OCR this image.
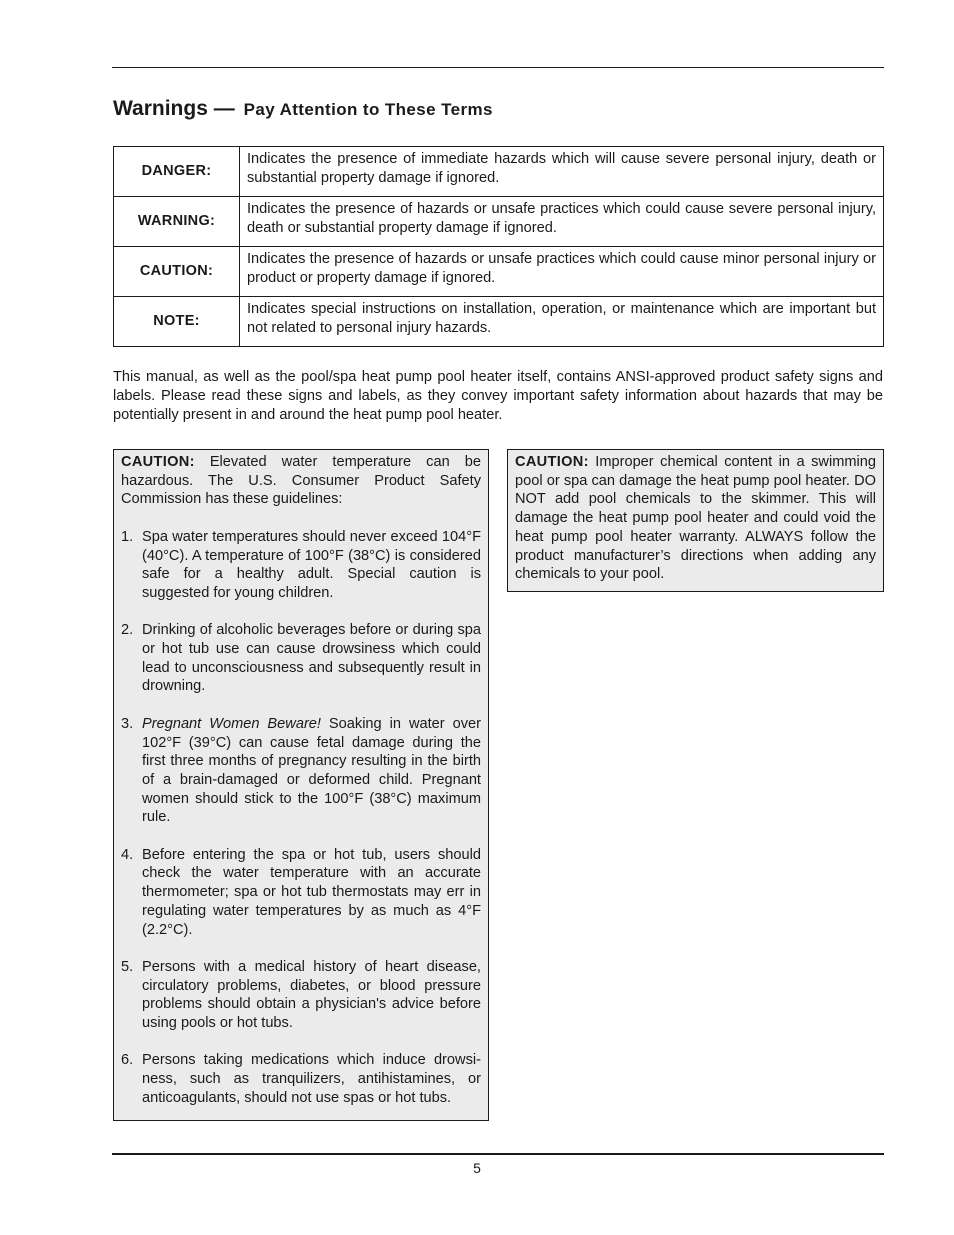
Warnings — Pay Attention to These Terms
DANGER:	Indicates the presence of immediate hazards which will cause severe personal injury, death or substantial property damage if ignored.
WARNING:	Indicates the presence of hazards or unsafe practices which could cause severe personal injury, death or substantial property damage if ignored.
CAUTION:	Indicates the presence of hazards or unsafe practices which could cause minor personal injury or product or property damage if ignored.
NOTE:	Indicates special instructions on installation, operation, or maintenance which are important but not related to personal injury hazards.

This manual, as well as the pool/spa heat pump pool heater itself, contains ANSI-approved product safety signs and labels. Please read these signs and labels, as they convey important safety information about hazards that may be potentially present in and around the heat pump pool heater.

CAUTION: Elevated water temperature can be hazardous. The U.S. Consumer Product Safety Commission has these guidelines:

1. Spa water temperatures should never exceed 104°F (40°C). A temperature of 100°F (38°C) is considered safe for a healthy adult. Special caution is suggested for young children.
2. Drinking of alcoholic beverages before or during spa or hot tub use can cause drowsiness which could lead to unconsciousness and subsequently result in drowning.
3. Pregnant Women Beware! Soaking in water over 102°F (39°C) can cause fetal damage during the first three months of pregnancy resulting in the birth of a brain-damaged or deformed child. Pregnant women should stick to the 100°F (38°C) maximum rule.
4. Before entering the spa or hot tub, users should check the water temperature with an accurate thermometer; spa or hot tub thermostats may err in regulating water temperatures by as much as 4°F (2.2°C).
5. Persons with a medical history of heart disease, circulatory problems, diabetes, or blood pressure problems should obtain a physician's advice before using pools or hot tubs.
6. Persons taking medications which induce drowsiness, such as tranquilizers, antihistamines, or anticoagulants, should not use spas or hot tubs.

CAUTION: Improper chemical content in a swimming pool or spa can damage the heat pump pool heater. DO NOT add pool chemicals to the skimmer. This will damage the heat pump pool heater and could void the heat pump pool heater warranty. ALWAYS follow the product manufacturer’s directions when adding any chemicals to your pool.

5
